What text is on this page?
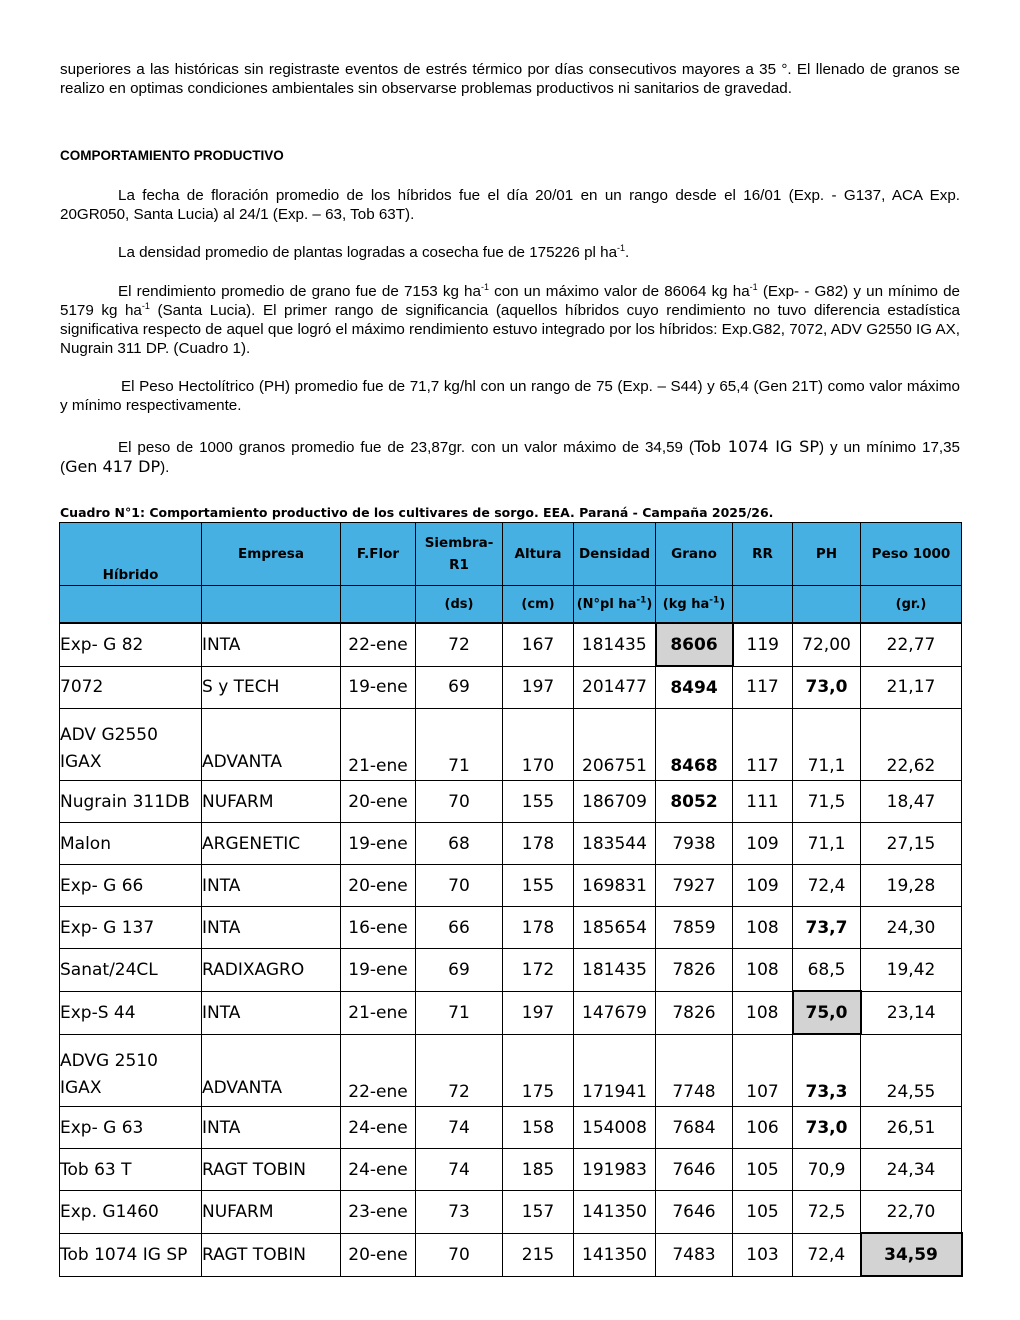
superiores a las históricas sin registraste eventos de estrés térmico por días consecutivos mayores a 35 °. El llenado de granos se realizo en optimas condiciones ambientales sin observarse problemas productivos ni sanitarios de gravedad.

COMPORTAMIENTO PRODUCTIVO

La fecha de floración promedio de los híbridos fue el día 20/01 en un rango desde el 16/01 (Exp. - G137, ACA Exp. 20GR050, Santa Lucia) al 24/1 (Exp. – 63, Tob 63T).

La densidad promedio de plantas logradas a cosecha fue de 175226 pl $ha^{-1}$.

El rendimiento promedio de grano fue de 7153 kg $ha^{-1}$ con un máximo valor de 86064 kg $ha^{-1}$ (Exp- - G82) y un mínimo de 5179 kg $ha^{-1}$ (Santa Lucia). El primer rango de significancia (aquellos híbridos cuyo rendimiento no tuvo diferencia estadística significativa respecto de aquel que logró el máximo rendimiento estuvo integrado por los híbridos: Exp.G82, 7072, ADV G2550 IG AX, Nugrain 311 DP. (Cuadro 1).

El Peso Hectolítrico (PH) promedio fue de 71,7 kg/hl con un rango de 75 (Exp. – S44) y 65,4 (Gen 21T) como valor máximo y mínimo respectivamente.

El peso de 1000 granos promedio fue de 23,87gr. con un valor máximo de 34,59 (Tob 1074 IG SP) y un mínimo 17,35 (Gen 417 DP).

Cuadro N°1: Comportamiento productivo de los cultivares de sorgo. EEA. Paraná - Campaña 2025/26.
Híbrido	Empresa	F.Flor	Siembra-R1	Altura	Densidad	Grano	RR	PH	Peso 1000
			(ds)	(cm)	(N°pl $ha^{-1}$)	(kg $ha^{-1}$)			(gr.)
Exp- G 82	INTA	22-ene	72	167	181435	8606	119	72,00	22,77
7072	S y TECH	19-ene	69	197	201477	8494	117	73,0	21,17
ADV G2550 IGAX	ADVANTA	21-ene	71	170	206751	8468	117	71,1	22,62
Nugrain 311DB	NUFARM	20-ene	70	155	186709	8052	111	71,5	18,47
Malon	ARGENETIC	19-ene	68	178	183544	7938	109	71,1	27,15
Exp- G 66	INTA	20-ene	70	155	169831	7927	109	72,4	19,28
Exp- G 137	INTA	16-ene	66	178	185654	7859	108	73,7	24,30
Sanat/24CL	RADIXAGRO	19-ene	69	172	181435	7826	108	68,5	19,42
Exp-S 44	INTA	21-ene	71	197	147679	7826	108	75,0	23,14
ADVG 2510 IGAX	ADVANTA	22-ene	72	175	171941	7748	107	73,3	24,55
Exp- G 63	INTA	24-ene	74	158	154008	7684	106	73,0	26,51
Tob 63 T	RAGT TOBIN	24-ene	74	185	191983	7646	105	70,9	24,34
Exp. G1460	NUFARM	23-ene	73	157	141350	7646	105	72,5	22,70
Tob 1074 IG SP	RAGT TOBIN	20-ene	70	215	141350	7483	103	72,4	34,59
